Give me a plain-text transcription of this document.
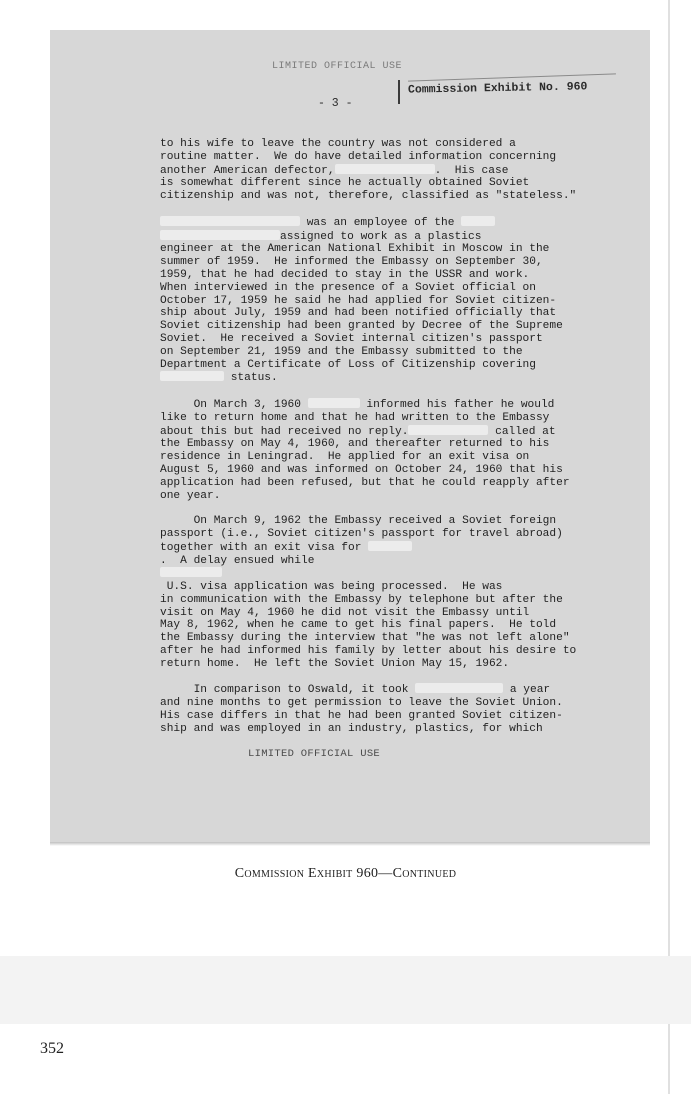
LIMITED OFFICIAL USE
Commission Exhibit No. 960
- 3 -

to his wife to leave the country was not considered a
routine matter.  We do have detailed information concerning
another American defector,	.  His case
is somewhat different since he actually obtained Soviet
citizenship and was not, therefore, classified as "stateless."

was an employee of the
assigned to work as a plastics
engineer at the American National Exhibit in Moscow in the
summer of 1959.  He informed the Embassy on September 30,
1959, that he had decided to stay in the USSR and work.
When interviewed in the presence of a Soviet official on
October 17, 1959 he said he had applied for Soviet citizen-
ship about July, 1959 and had been notified officially that
Soviet citizenship had been granted by Decree of the Supreme
Soviet.  He received a Soviet internal citizen's passport
on September 21, 1959 and the Embassy submitted to the
Department a Certificate of Loss of Citizenship covering
status.

On March 3, 1960	informed his father he would
like to return home and that he had written to the Embassy
about this but had received no reply.	called at
the Embassy on May 4, 1960, and thereafter returned to his
residence in Leningrad.  He applied for an exit visa on
August 5, 1960 and was informed on October 24, 1960 that his
application had been refused, but that he could reapply after
one year.

On March 9, 1962 the Embassy received a Soviet foreign
passport (i.e., Soviet citizen's passport for travel abroad)
together with an exit visa for .  A delay ensued while
U.S. visa application was being processed.  He was
in communication with the Embassy by telephone but after the
visit on May 4, 1960 he did not visit the Embassy until
May 8, 1962, when he came to get his final papers.  He told
the Embassy during the interview that "he was not left alone"
after he had informed his family by letter about his desire to
return home.  He left the Soviet Union May 15, 1962.

In comparison to Oswald, it took	a year
and nine months to get permission to leave the Soviet Union.
His case differs in that he had been granted Soviet citizen-
ship and was employed in an industry, plastics, for which

LIMITED OFFICIAL USE
Commission Exhibit 960—Continued
352
